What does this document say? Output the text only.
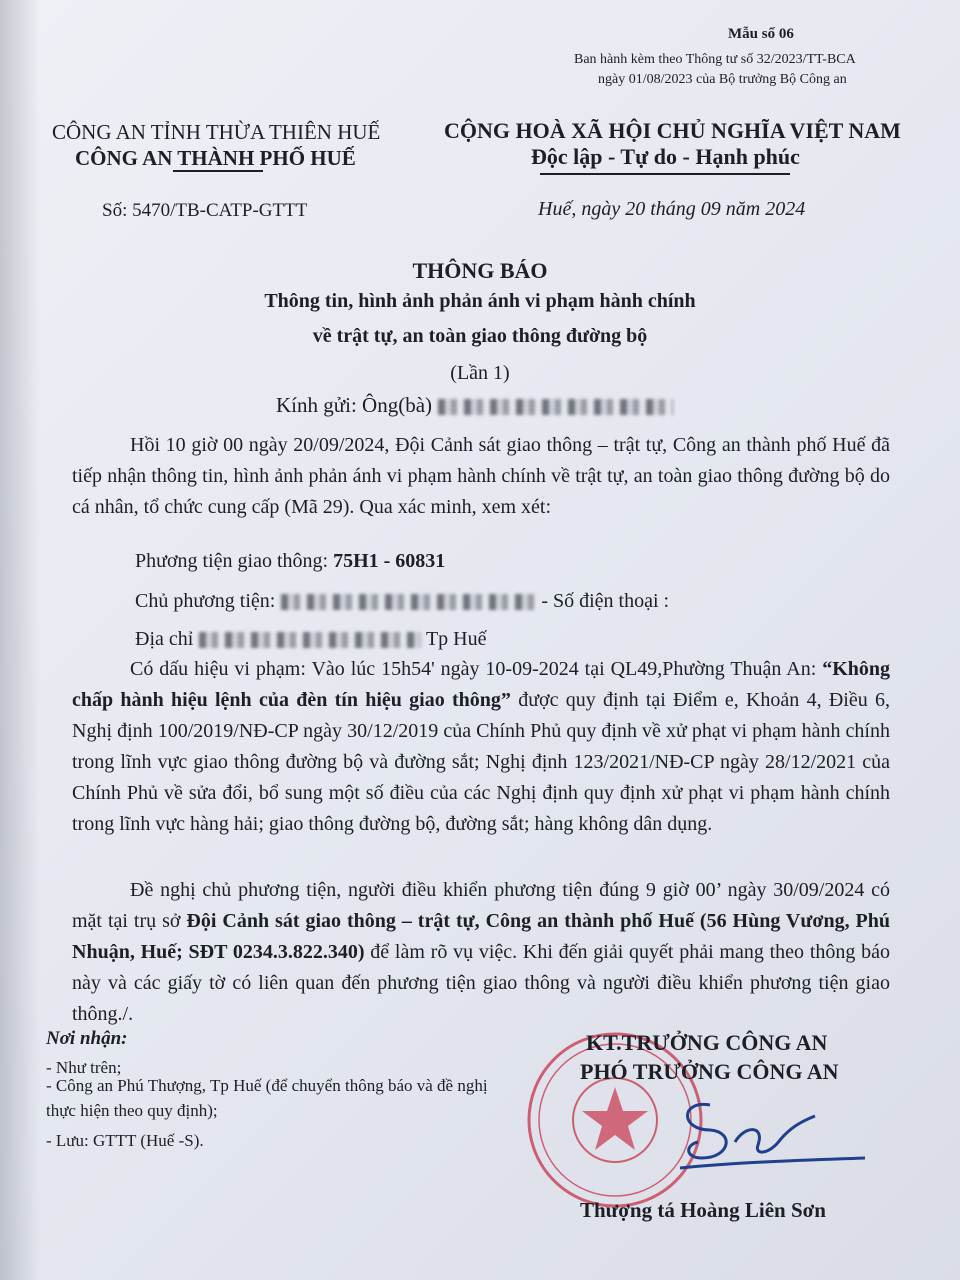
Mẫu số 06
Ban hành kèm theo Thông tư số 32/2023/TT-BCA
ngày 01/08/2023 của Bộ trưởng Bộ Công an
CÔNG AN TỈNH THỪA THIÊN HUẾ
CÔNG AN THÀNH PHỐ HUẾ
CỘNG HOÀ XÃ HỘI CHỦ NGHĨA VIỆT NAM
Độc lập - Tự do - Hạnh phúc
Số: 5470/TB-CATP-GTTT	Huế, ngày 20 tháng 09 năm 2024
THÔNG BÁO
Thông tin, hình ảnh phản ánh vi phạm hành chính
về trật tự, an toàn giao thông đường bộ
(Lần 1)
Kính gửi: Ông(bà)
Hồi 10 giờ 00 ngày 20/09/2024, Đội Cảnh sát giao thông – trật tự, Công an thành phố Huế đã tiếp nhận thông tin, hình ảnh phản ánh vi phạm hành chính về trật tự, an toàn giao thông đường bộ do cá nhân, tổ chức cung cấp (Mã 29). Qua xác minh, xem xét:
Phương tiện giao thông: 75H1 - 60831
Chủ phương tiện:	- Số điện thoại :
Địa chỉ	Tp Huế
Có dấu hiệu vi phạm: Vào lúc 15h54' ngày 10-09-2024 tại QL49,Phường Thuận An: “Không chấp hành hiệu lệnh của đèn tín hiệu giao thông” được quy định tại Điểm e, Khoản 4, Điều 6, Nghị định 100/2019/NĐ-CP ngày 30/12/2019 của Chính Phủ quy định về xử phạt vi phạm hành chính trong lĩnh vực giao thông đường bộ và đường sắt; Nghị định 123/2021/NĐ-CP ngày 28/12/2021 của Chính Phủ về sửa đổi, bổ sung một số điều của các Nghị định quy định xử phạt vi phạm hành chính trong lĩnh vực hàng hải; giao thông đường bộ, đường sắt; hàng không dân dụng.
Đề nghị chủ phương tiện, người điều khiển phương tiện đúng 9 giờ 00’ ngày 30/09/2024 có mặt tại trụ sở Đội Cảnh sát giao thông – trật tự, Công an thành phố Huế (56 Hùng Vương, Phú Nhuận, Huế; SĐT 0234.3.822.340) để làm rõ vụ việc. Khi đến giải quyết phải mang theo thông báo này và các giấy tờ có liên quan đến phương tiện giao thông và người điều khiển phương tiện giao thông./.
Nơi nhận:
- Như trên;
- Công an Phú Thượng, Tp Huế (để chuyển thông báo và đề nghị thực hiện theo quy định);
- Lưu: GTTT (Huế -S).
KT.TRƯỞNG CÔNG AN
PHÓ TRƯỞNG CÔNG AN
Thượng tá Hoàng Liên Sơn
